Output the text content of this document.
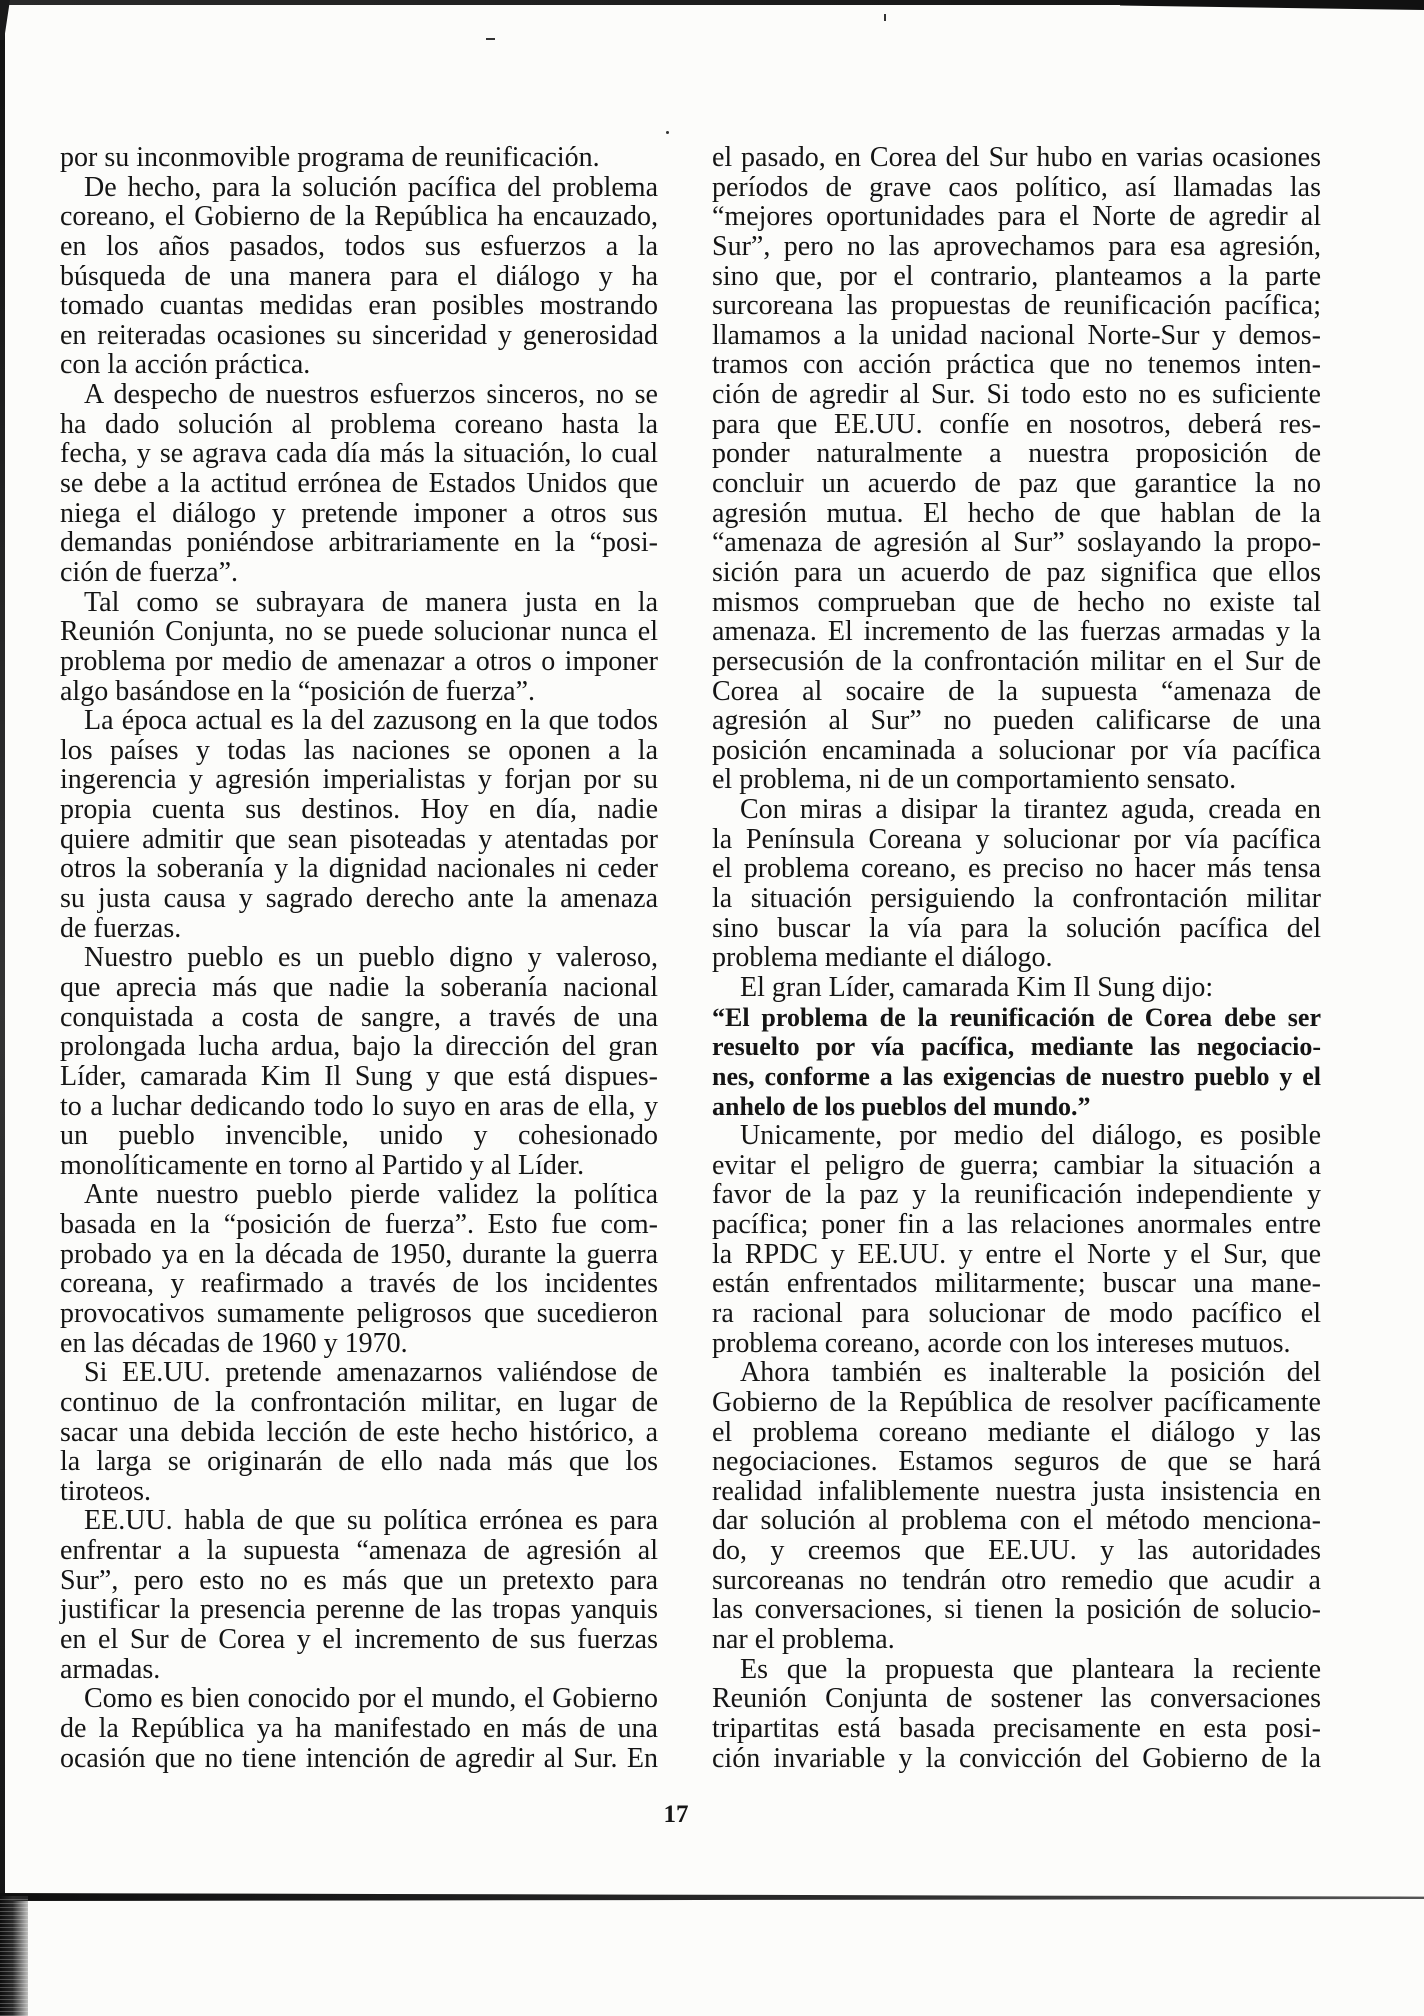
por su inconmovible programa de reunificación.
De hecho, para la solución pacífica del problema
coreano, el Gobierno de la República ha encauzado,
en los años pasados, todos sus esfuerzos a la
búsqueda de una manera para el diálogo y ha
tomado cuantas medidas eran posibles mostrando
en reiteradas ocasiones su sinceridad y generosidad
con la acción práctica.
A despecho de nuestros esfuerzos sinceros, no se
ha dado solución al problema coreano hasta la
fecha, y se agrava cada día más la situación, lo cual
se debe a la actitud errónea de Estados Unidos que
niega el diálogo y pretende imponer a otros sus
demandas poniéndose arbitrariamente en la “posi-
ción de fuerza”.
Tal como se subrayara de manera justa en la
Reunión Conjunta, no se puede solucionar nunca el
problema por medio de amenazar a otros o imponer
algo basándose en la “posición de fuerza”.
La época actual es la del zazusong en la que todos
los países y todas las naciones se oponen a la
ingerencia y agresión imperialistas y forjan por su
propia cuenta sus destinos. Hoy en día, nadie
quiere admitir que sean pisoteadas y atentadas por
otros la soberanía y la dignidad nacionales ni ceder
su justa causa y sagrado derecho ante la amenaza
de fuerzas.
Nuestro pueblo es un pueblo digno y valeroso,
que aprecia más que nadie la soberanía nacional
conquistada a costa de sangre, a través de una
prolongada lucha ardua, bajo la dirección del gran
Líder, camarada Kim Il Sung y que está dispues-
to a luchar dedicando todo lo suyo en aras de ella, y
un pueblo invencible, unido y cohesionado
monolíticamente en torno al Partido y al Líder.
Ante nuestro pueblo pierde validez la política
basada en la “posición de fuerza”. Esto fue com-
probado ya en la década de 1950, durante la guerra
coreana, y reafirmado a través de los incidentes
provocativos sumamente peligrosos que sucedieron
en las décadas de 1960 y 1970.
Si EE.UU. pretende amenazarnos valiéndose de
continuo de la confrontación militar, en lugar de
sacar una debida lección de este hecho histórico, a
la larga se originarán de ello nada más que los
tiroteos.
EE.UU. habla de que su política errónea es para
enfrentar a la supuesta “amenaza de agresión al
Sur”, pero esto no es más que un pretexto para
justificar la presencia perenne de las tropas yanquis
en el Sur de Corea y el incremento de sus fuerzas
armadas.
Como es bien conocido por el mundo, el Gobierno
de la República ya ha manifestado en más de una
ocasión que no tiene intención de agredir al Sur. En
el pasado, en Corea del Sur hubo en varias ocasiones
períodos de grave caos político, así llamadas las
“mejores oportunidades para el Norte de agredir al
Sur”, pero no las aprovechamos para esa agresión,
sino que, por el contrario, planteamos a la parte
surcoreana las propuestas de reunificación pacífica;
llamamos a la unidad nacional Norte-Sur y demos-
tramos con acción práctica que no tenemos inten-
ción de agredir al Sur. Si todo esto no es suficiente
para que EE.UU. confíe en nosotros, deberá res-
ponder naturalmente a nuestra proposición de
concluir un acuerdo de paz que garantice la no
agresión mutua. El hecho de que hablan de la
“amenaza de agresión al Sur” soslayando la propo-
sición para un acuerdo de paz significa que ellos
mismos comprueban que de hecho no existe tal
amenaza. El incremento de las fuerzas armadas y la
persecusión de la confrontación militar en el Sur de
Corea al socaire de la supuesta “amenaza de
agresión al Sur” no pueden calificarse de una
posición encaminada a solucionar por vía pacífica
el problema, ni de un comportamiento sensato.
Con miras a disipar la tirantez aguda, creada en
la Península Coreana y solucionar por vía pacífica
el problema coreano, es preciso no hacer más tensa
la situación persiguiendo la confrontación militar
sino buscar la vía para la solución pacífica del
problema mediante el diálogo.
El gran Líder, camarada Kim Il Sung dijo:
“El problema de la reunificación de Corea debe ser
resuelto por vía pacífica, mediante las negociacio-
nes, conforme a las exigencias de nuestro pueblo y el
anhelo de los pueblos del mundo.”
Unicamente, por medio del diálogo, es posible
evitar el peligro de guerra; cambiar la situación a
favor de la paz y la reunificación independiente y
pacífica; poner fin a las relaciones anormales entre
la RPDC y EE.UU. y entre el Norte y el Sur, que
están enfrentados militarmente; buscar una mane-
ra racional para solucionar de modo pacífico el
problema coreano, acorde con los intereses mutuos.
Ahora también es inalterable la posición del
Gobierno de la República de resolver pacíficamente
el problema coreano mediante el diálogo y las
negociaciones. Estamos seguros de que se hará
realidad infaliblemente nuestra justa insistencia en
dar solución al problema con el método menciona-
do, y creemos que EE.UU. y las autoridades
surcoreanas no tendrán otro remedio que acudir a
las conversaciones, si tienen la posición de solucio-
nar el problema.
Es que la propuesta que planteara la reciente
Reunión Conjunta de sostener las conversaciones
tripartitas está basada precisamente en esta posi-
ción invariable y la convicción del Gobierno de la
17
